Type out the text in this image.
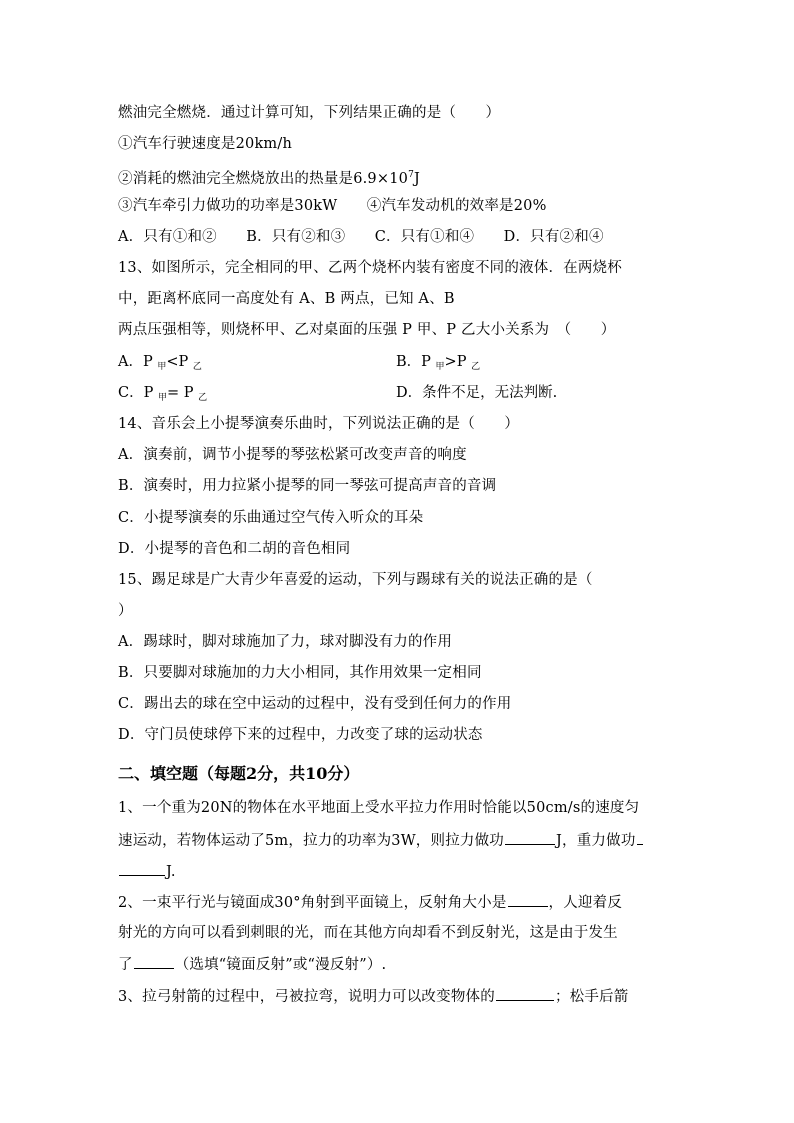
燃油完全燃烧．通过计算可知，下列结果正确的是（　　）
①汽车行驶速度是20km/h
②消耗的燃油完全燃烧放出的热量是$6.9\times 10^7J$
③汽车牵引力做功的功率是30kW　　④汽车发动机的效率是20%
A．只有①和②　　B．只有②和③　　C．只有①和④　　D．只有②和④
13、如图所示，完全相同的甲、乙两个烧杯内装有密度不同的液体．在两烧杯
中，距离杯底同一高度处有 A、B 两点，已知 A、B
两点压强相等，则烧杯甲、乙对桌面的压强 P 甲、P 乙大小关系为　（　　）
A．P $_甲$<P $_乙$	B．P $_甲$>P $_乙$
C．P $_甲$= P $_乙$	D．条件不足，无法判断.
14、音乐会上小提琴演奏乐曲时，下列说法正确的是（　　）
A．演奏前，调节小提琴的琴弦松紧可改变声音的响度
B．演奏时，用力拉紧小提琴的同一琴弦可提高声音的音调
C．小提琴演奏的乐曲通过空气传入听众的耳朵
D．小提琴的音色和二胡的音色相同
15、踢足球是广大青少年喜爱的运动，下列与踢球有关的说法正确的是（
）
A．踢球时，脚对球施加了力，球对脚没有力的作用
B．只要脚对球施加的力大小相同，其作用效果一定相同
C．踢出去的球在空中运动的过程中，没有受到任何力的作用
D．守门员使球停下来的过程中，力改变了球的运动状态
二、填空题（每题2分，共10分）
1、一个重为20N的物体在水平地面上受水平拉力作用时恰能以50cm/s的速度匀
速运动，若物体运动了5m，拉力的功率为3W，则拉力做功	J，重力做功
J.
2、一束平行光与镜面成30°角射到平面镜上，反射角大小是	，人迎着反
射光的方向可以看到刺眼的光，而在其他方向却看不到反射光，这是由于发生
了	（选填“镜面反射”或“漫反射”）.
3、拉弓射箭的过程中，弓被拉弯，说明力可以改变物体的	；松手后箭
